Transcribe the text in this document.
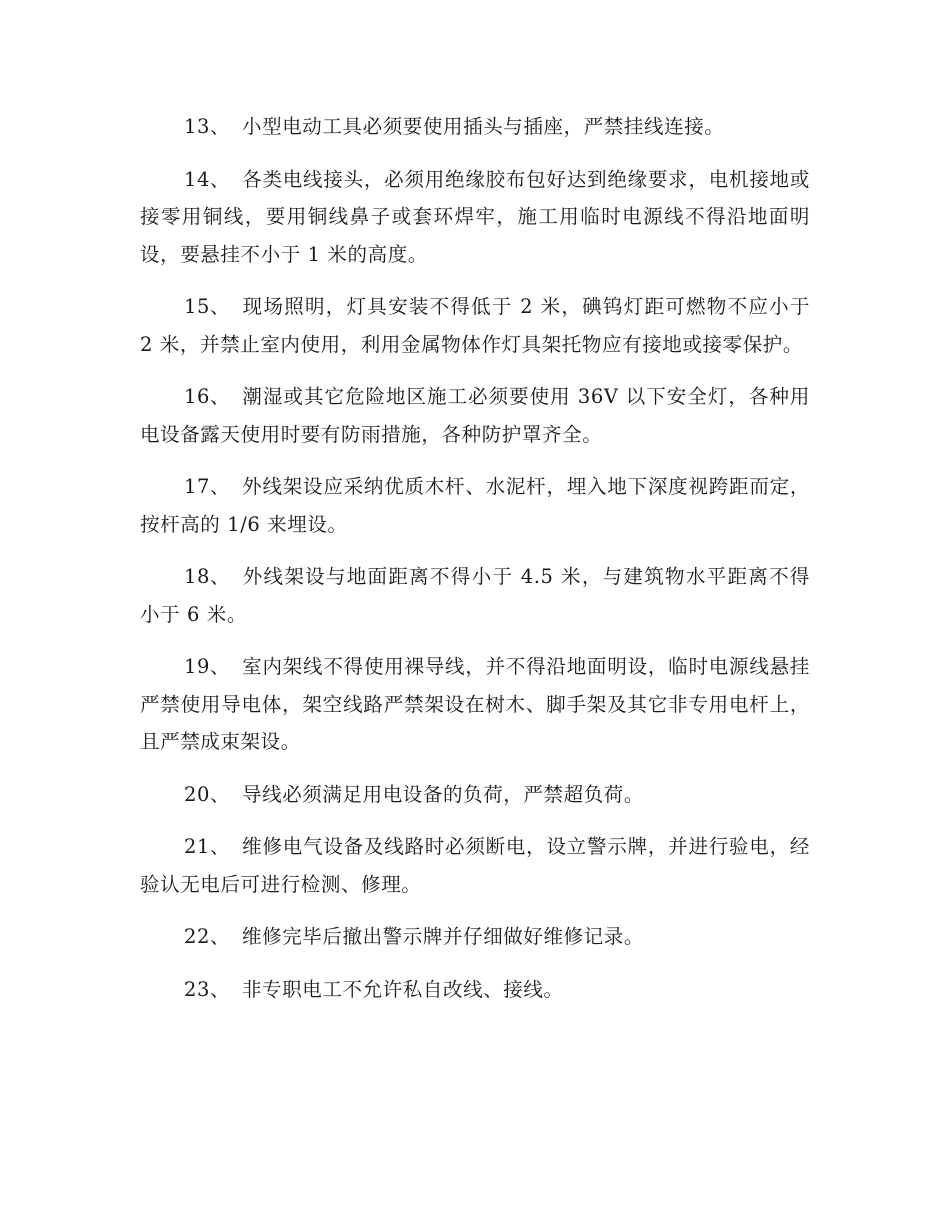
13、 小型电动工具必须要使用插头与插座，严禁挂线连接。

14、 各类电线接头，必须用绝缘胶布包好达到绝缘要求，电机接地或接零用铜线，要用铜线鼻子或套环焊牢，施工用临时电源线不得沿地面明设，要悬挂不小于 1 米的高度。

15、 现场照明，灯具安装不得低于 2 米，碘钨灯距可燃物不应小于 2 米，并禁止室内使用，利用金属物体作灯具架托物应有接地或接零保护。

16、 潮湿或其它危险地区施工必须要使用 36V 以下安全灯，各种用电设备露天使用时要有防雨措施，各种防护罩齐全。

17、 外线架设应采纳优质木杆、水泥杆，埋入地下深度视跨距而定，按杆高的 1/6 来埋设。

18、 外线架设与地面距离不得小于 4.5 米，与建筑物水平距离不得小于 6 米。

19、 室内架线不得使用裸导线，并不得沿地面明设，临时电源线悬挂严禁使用导电体，架空线路严禁架设在树木、脚手架及其它非专用电杆上，且严禁成束架设。

20、 导线必须满足用电设备的负荷，严禁超负荷。

21、 维修电气设备及线路时必须断电，设立警示牌，并进行验电，经验认无电后可进行检测、修理。

22、 维修完毕后撤出警示牌并仔细做好维修记录。

23、 非专职电工不允许私自改线、接线。
